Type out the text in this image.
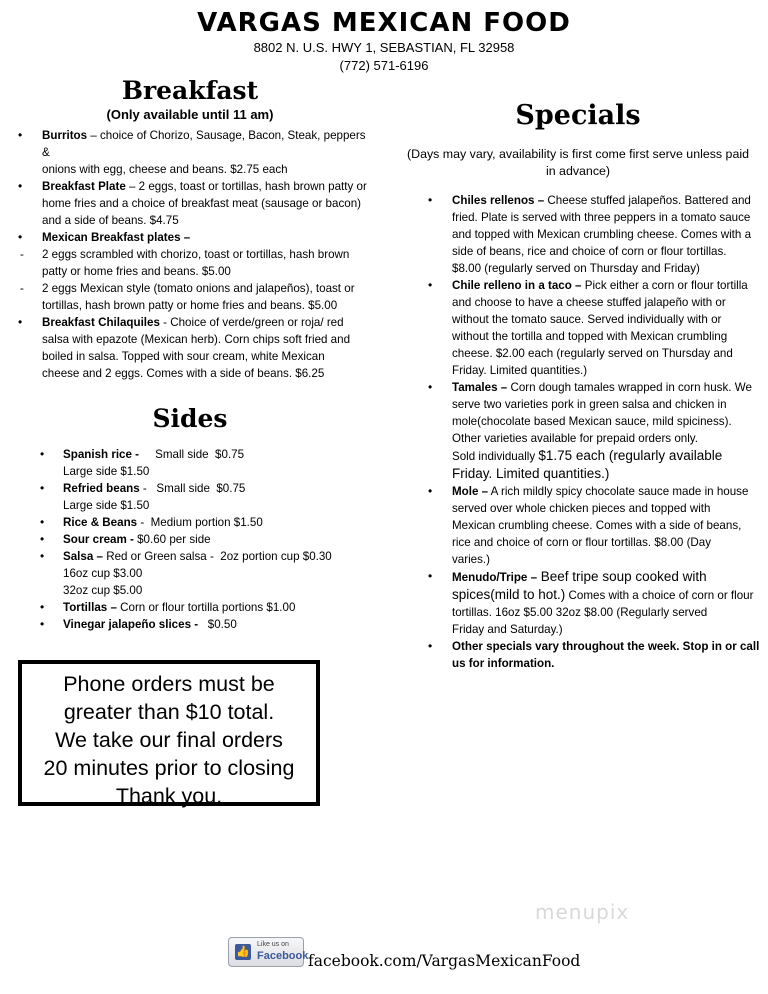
VARGAS MEXICAN FOOD
8802 N. U.S. HWY 1, SEBASTIAN, FL 32958
(772) 571-6196
Breakfast
(Only available until 11 am)
• Burritos – choice of Chorizo, Sausage, Bacon, Steak, peppers &
onions with egg, cheese and beans. $2.75 each
• Breakfast Plate – 2 eggs, toast or tortillas, hash brown patty or
home fries and a choice of breakfast meat (sausage or bacon)
and a side of beans. $4.75
• Mexican Breakfast plates –
- 2 eggs scrambled with chorizo, toast or tortillas, hash brown
patty or home fries and beans. $5.00
- 2 eggs Mexican style (tomato onions and jalapeños), toast or
tortillas, hash brown patty or home fries and beans. $5.00
• Breakfast Chilaquiles - Choice of verde/green or roja/ red
salsa with epazote (Mexican herb). Corn chips soft fried and
boiled in salsa. Topped with sour cream, white Mexican
cheese and 2 eggs. Comes with a side of beans. $6.25
Sides
• Spanish rice -     Small side  $0.75
Large side $1.50
• Refried beans -   Small side  $0.75
Large side $1.50
• Rice & Beans -  Medium portion $1.50
• Sour cream - $0.60 per side
• Salsa – Red or Green salsa -  2oz portion cup $0.30
16oz cup $3.00
32oz cup $5.00
• Tortillas – Corn or flour tortilla portions $1.00
• Vinegar jalapeño slices -   $0.50
Phone orders must be
greater than $10 total.
We take our final orders
20 minutes prior to closing
Thank you.
Specials
(Days may vary, availability is first come first serve unless paid
in advance)
• Chiles rellenos – Cheese stuffed jalapeños. Battered and
fried. Plate is served with three peppers in a tomato sauce
and topped with Mexican crumbling cheese. Comes with a
side of beans, rice and choice of corn or flour tortillas.
$8.00 (regularly served on Thursday and Friday)
• Chile relleno in a taco – Pick either a corn or flour tortilla
and choose to have a cheese stuffed jalapeño with or
without the tomato sauce. Served individually with or
without the tortilla and topped with Mexican crumbling
cheese. $2.00 each (regularly served on Thursday and
Friday. Limited quantities.)
• Tamales – Corn dough tamales wrapped in corn husk. We
serve two varieties pork in green salsa and chicken in
mole(chocolate based Mexican sauce, mild spiciness).
Other varieties available for prepaid orders only.
Sold individually $1.75 each (regularly available
Friday. Limited quantities.)
• Mole – A rich mildly spicy chocolate sauce made in house
served over whole chicken pieces and topped with
Mexican crumbling cheese. Comes with a side of beans,
rice and choice of corn or flour tortillas. $8.00 (Day
varies.)
• Menudo/Tripe – Beef tripe soup cooked with
spices(mild to hot.) Comes with a choice of corn or flour
tortillas. 16oz $5.00 32oz $8.00 (Regularly served
Friday and Saturday.)
• Other specials vary throughout the week. Stop in or call
us for information.
menupix
👍
Like us on
Facebook facebook.com/VargasMexicanFood
